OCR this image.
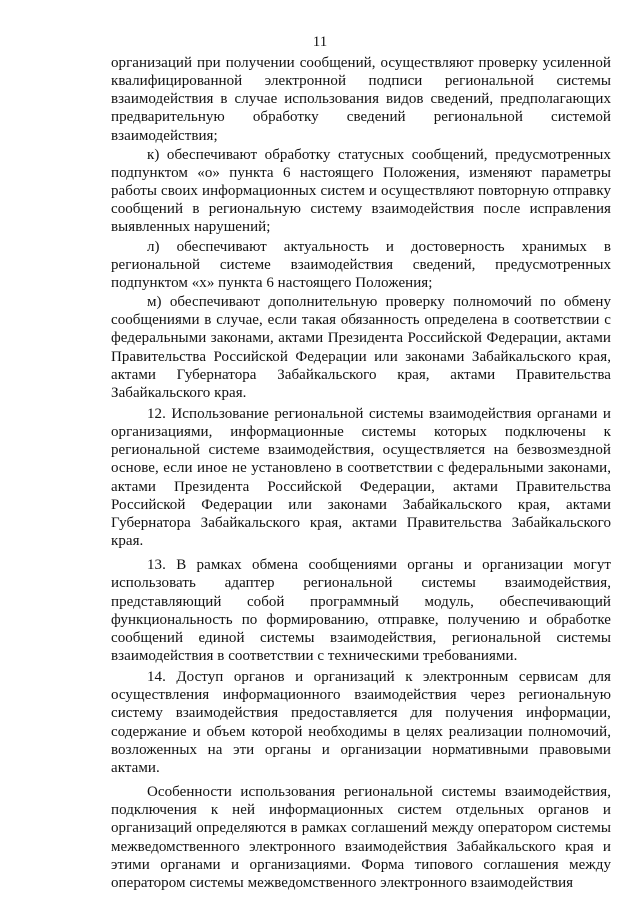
11

организаций при получении сообщений, осуществляют проверку усиленной квалифицированной электронной подписи региональной системы взаимодействия в случае использования видов сведений, предполагающих предварительную обработку сведений региональной системой взаимодействия;

к) обеспечивают обработку статусных сообщений, предусмотренных подпунктом «о» пункта 6 настоящего Положения, изменяют параметры работы своих информационных систем и осуществляют повторную отправку сообщений в региональную систему взаимодействия после исправления выявленных нарушений;

л) обеспечивают актуальность и достоверность хранимых в региональной системе взаимодействия сведений, предусмотренных подпунктом «х» пункта 6 настоящего Положения;

м) обеспечивают дополнительную проверку полномочий по обмену сообщениями в случае, если такая обязанность определена в соответствии с федеральными законами, актами Президента Российской Федерации, актами Правительства Российской Федерации или законами Забайкальского края, актами Губернатора Забайкальского края, актами Правительства Забайкальского края.

12. Использование региональной системы взаимодействия органами и организациями, информационные системы которых подключены к региональной системе взаимодействия, осуществляется на безвозмездной основе, если иное не установлено в соответствии с федеральными законами, актами Президента Российской Федерации, актами Правительства Российской Федерации или законами Забайкальского края, актами Губернатора Забайкальского края, актами Правительства Забайкальского края.

13. В рамках обмена сообщениями органы и организации могут использовать адаптер региональной системы взаимодействия, представляющий собой программный модуль, обеспечивающий функциональность по формированию, отправке, получению и обработке сообщений единой системы взаимодействия, региональной системы взаимодействия в соответствии с техническими требованиями.

14. Доступ органов и организаций к электронным сервисам для осуществления информационного взаимодействия через региональную систему взаимодействия предоставляется для получения информации, содержание и объем которой необходимы в целях реализации полномочий, возложенных на эти органы и организации нормативными правовыми актами.

Особенности использования региональной системы взаимодействия, подключения к ней информационных систем отдельных органов и организаций определяются в рамках соглашений между оператором системы межведомственного электронного взаимодействия Забайкальского края и этими органами и организациями. Форма типового соглашения между оператором системы межведомственного электронного взаимодействия
